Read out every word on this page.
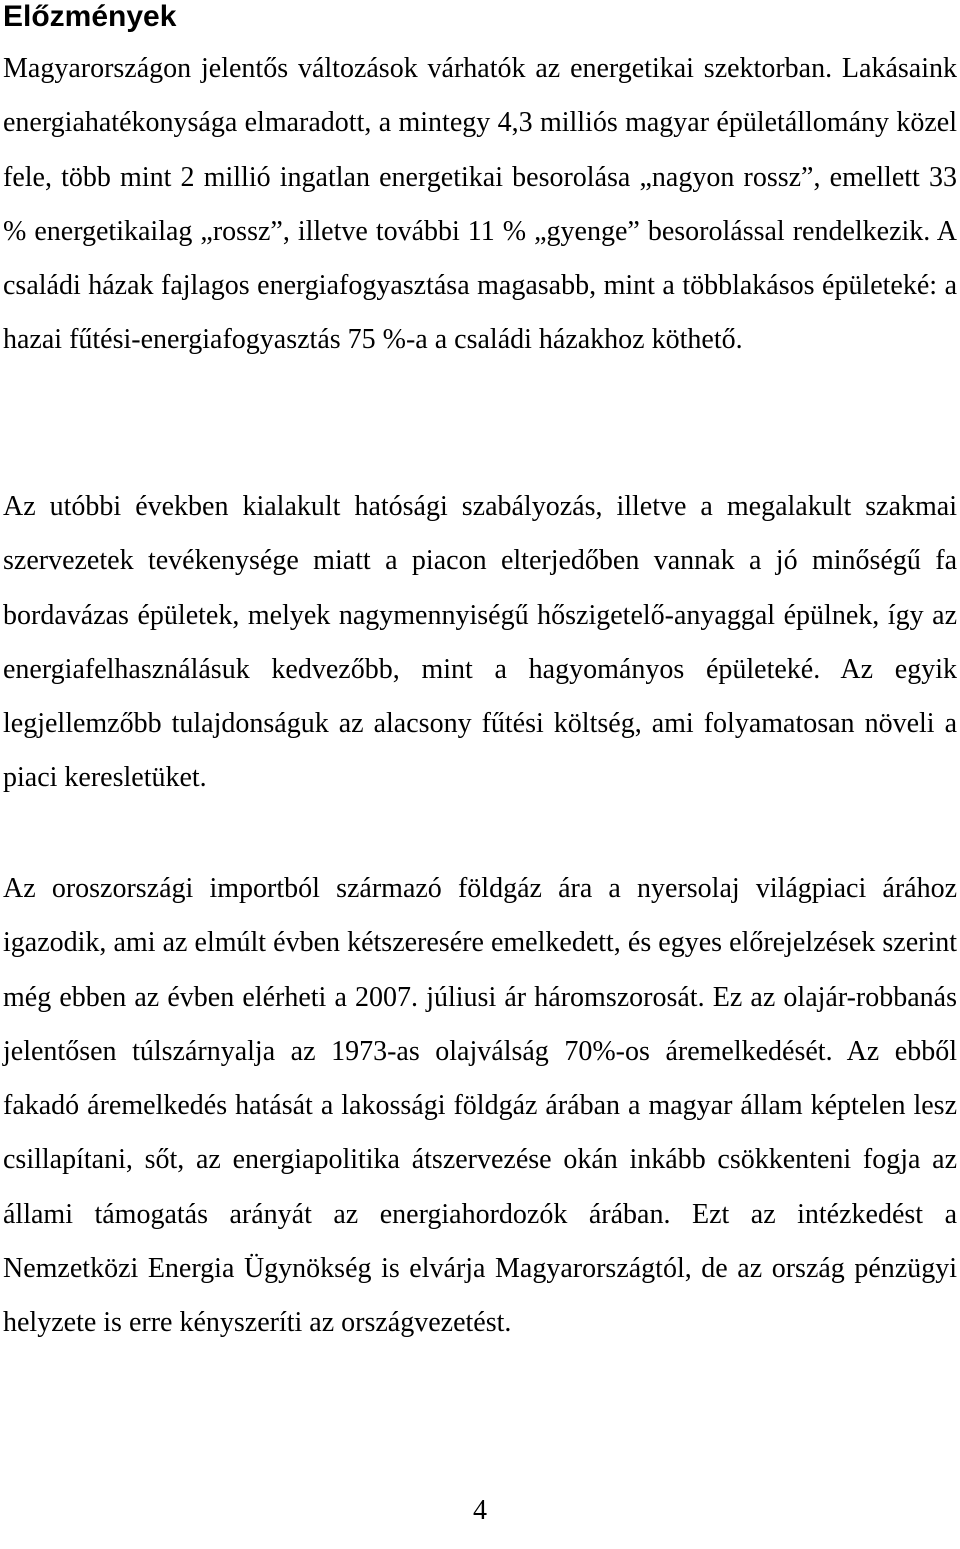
Előzmények

Magyarországon jelentős változások várhatók az energetikai szektorban. Lakásaink energiahatékonysága elmaradott, a mintegy 4,3 milliós magyar épületállomány közel fele, több mint 2 millió ingatlan energetikai besorolása „nagyon rossz”, emellett 33 % energetikailag „rossz”, illetve további 11 % „gyenge” besorolással rendelkezik. A családi házak fajlagos energiafogyasztása magasabb, mint a többlakásos épületeké: a hazai fűtési-energiafogyasztás 75 %-a a családi házakhoz köthető.

Az utóbbi években kialakult hatósági szabályozás, illetve a megalakult szakmai szervezetek tevékenysége miatt a piacon elterjedőben vannak a jó minőségű fa bordavázas épületek, melyek nagymennyiségű hőszigetelő-anyaggal épülnek, így az energiafelhasználásuk kedvezőbb, mint a hagyományos épületeké. Az egyik legjellemzőbb tulajdonságuk az alacsony fűtési költség, ami folyamatosan növeli a piaci keresletüket.

Az oroszországi importból származó földgáz ára a nyersolaj világpiaci árához igazodik, ami az elmúlt évben kétszeresére emelkedett, és egyes előrejelzések szerint még ebben az évben elérheti a 2007. júliusi ár háromszorosát. Ez az olajár-robbanás jelentősen túlszárnyalja az 1973-as olajválság 70%-os áremelkedését. Az ebből fakadó áremelkedés hatását a lakossági földgáz árában a magyar állam képtelen lesz csillapítani, sőt, az energiapolitika átszervezése okán inkább csökkenteni fogja az állami támogatás arányát az energiahordozók árában. Ezt az intézkedést a Nemzetközi Energia Ügynökség is elvárja Magyarországtól, de az ország pénzügyi helyzete is erre kényszeríti az országvezetést.

4
